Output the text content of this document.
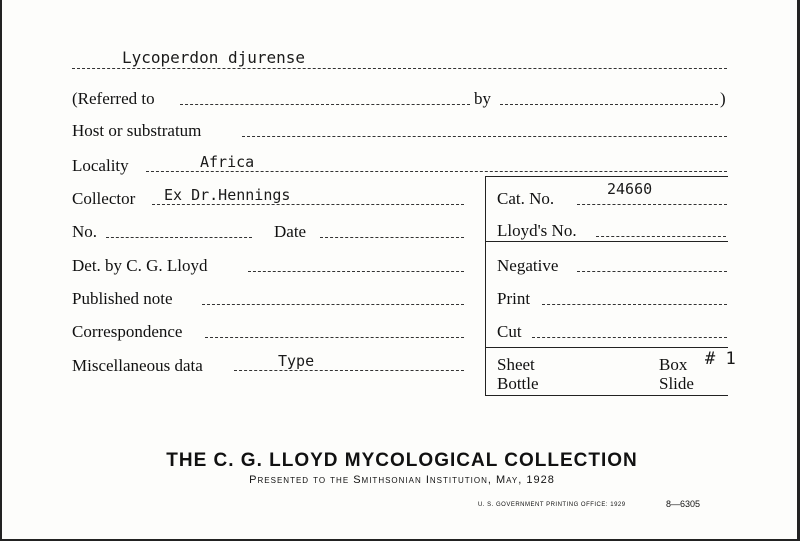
Lycoperdon djurense
(Referred to	by	)
Host or substratum
Locality	Africa
Collector Ex Dr.Hennings	Cat. No.	24660
No.	Date	Lloyd's No.
Det. by C. G. Lloyd	Negative
Published note	Print
Correspondence	Cut
Miscellaneous data	Type	Sheet	Box # 1
Bottle	Slide
THE C. G. LLOYD MYCOLOGICAL COLLECTION
Presented to the Smithsonian Institution, May, 1928
U. S. GOVERNMENT PRINTING OFFICE: 1929	8—6305
